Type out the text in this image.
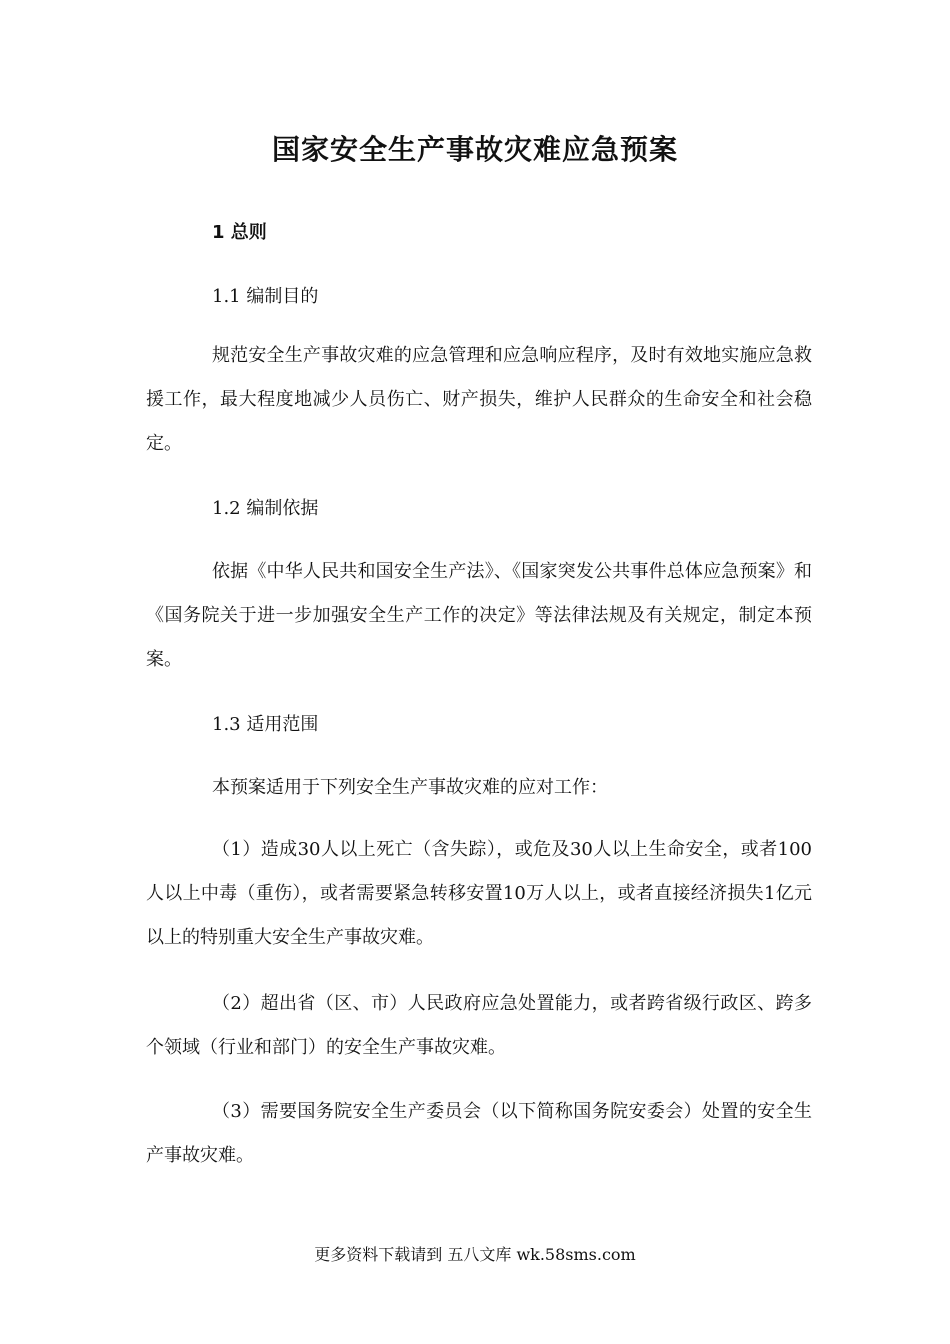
国家安全生产事故灾难应急预案
1 总则
1.1 编制目的
规范安全生产事故灾难的应急管理和应急响应程序，及时有效地实施应急救援工作，最大程度地减少人员伤亡、财产损失，维护人民群众的生命安全和社会稳定。
1.2 编制依据
依据《中华人民共和国安全生产法》、《国家突发公共事件总体应急预案》和《国务院关于进一步加强安全生产工作的决定》等法律法规及有关规定，制定本预案。
1.3 适用范围
本预案适用于下列安全生产事故灾难的应对工作：
（1）造成30人以上死亡（含失踪），或危及30人以上生命安全，或者100人以上中毒（重伤），或者需要紧急转移安置10万人以上，或者直接经济损失1亿元以上的特别重大安全生产事故灾难。
（2）超出省（区、市）人民政府应急处置能力，或者跨省级行政区、跨多个领域（行业和部门）的安全生产事故灾难。
（3）需要国务院安全生产委员会（以下简称国务院安委会）处置的安全生产事故灾难。
更多资料下载请到 五八文库 wk.58sms.com
